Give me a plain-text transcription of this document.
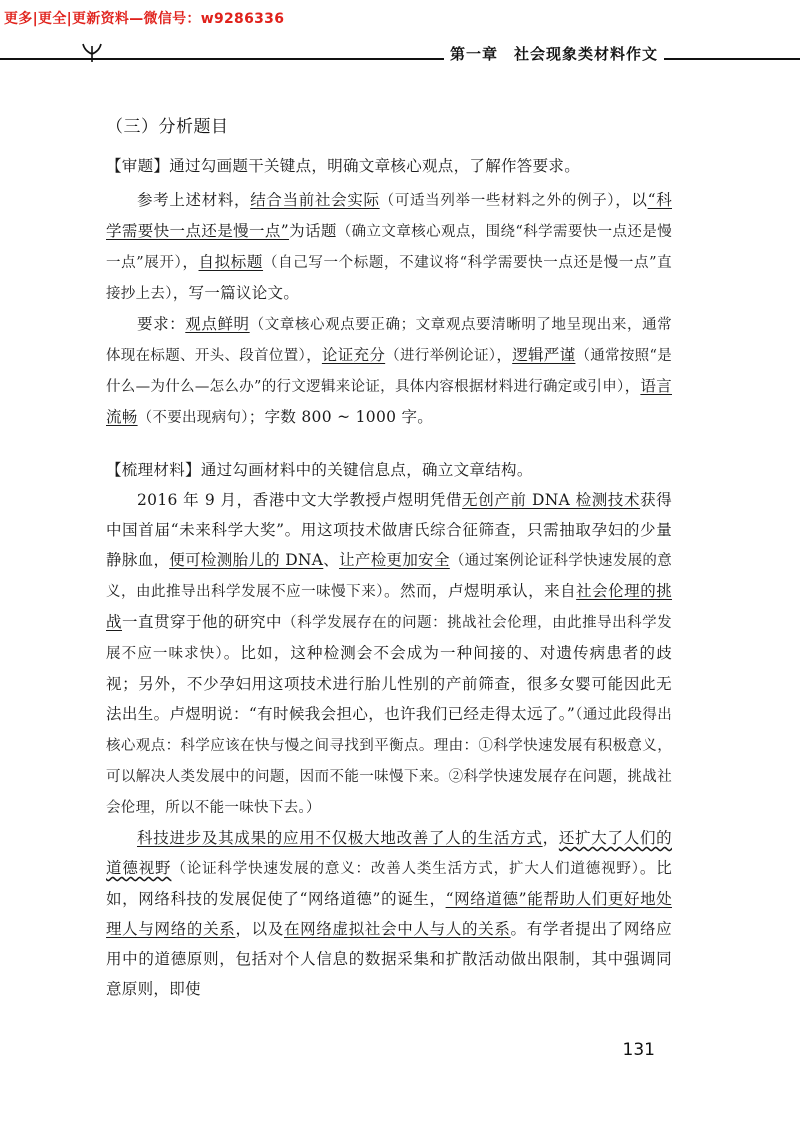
更多|更全|更新资料—微信号：w9286336
第一章　社会现象类材料作文
（三）分析题目

【审题】通过勾画题干关键点，明确文章核心观点，了解作答要求。

参考上述材料，结合当前社会实际（可适当列举一些材料之外的例子），以“科学需要快一点还是慢一点”为话题（确立文章核心观点，围绕“科学需要快一点还是慢一点”展开），自拟标题（自己写一个标题，不建议将“科学需要快一点还是慢一点”直接抄上去），写一篇议论文。

要求：观点鲜明（文章核心观点要正确；文章观点要清晰明了地呈现出来，通常体现在标题、开头、段首位置），论证充分（进行举例论证），逻辑严谨（通常按照“是什么—为什么—怎么办”的行文逻辑来论证，具体内容根据材料进行确定或引申），语言流畅（不要出现病句）；字数 800 ~ 1000 字。

【梳理材料】通过勾画材料中的关键信息点，确立文章结构。

2016 年 9 月，香港中文大学教授卢煜明凭借无创产前 DNA 检测技术获得中国首届“未来科学大奖”。用这项技术做唐氏综合征筛查，只需抽取孕妇的少量静脉血，便可检测胎儿的 DNA、让产检更加安全（通过案例论证科学快速发展的意义，由此推导出科学发展不应一味慢下来）。然而，卢煜明承认，来自社会伦理的挑战一直贯穿于他的研究中（科学发展存在的问题：挑战社会伦理，由此推导出科学发展不应一味求快）。比如，这种检测会不会成为一种间接的、对遗传病患者的歧视；另外，不少孕妇用这项技术进行胎儿性别的产前筛查，很多女婴可能因此无法出生。卢煜明说：“有时候我会担心，也许我们已经走得太远了。”（通过此段得出核心观点：科学应该在快与慢之间寻找到平衡点。理由：①科学快速发展有积极意义，可以解决人类发展中的问题，因而不能一味慢下来。②科学快速发展存在问题，挑战社会伦理，所以不能一味快下去。）

科技进步及其成果的应用不仅极大地改善了人的生活方式，还扩大了人们的道德视野（论证科学快速发展的意义：改善人类生活方式，扩大人们道德视野）。比如，网络科技的发展促使了“网络道德”的诞生，“网络道德”能帮助人们更好地处理人与网络的关系，以及在网络虚拟社会中人与人的关系。有学者提出了网络应用中的道德原则，包括对个人信息的数据采集和扩散活动做出限制，其中强调同意原则，即使

131
